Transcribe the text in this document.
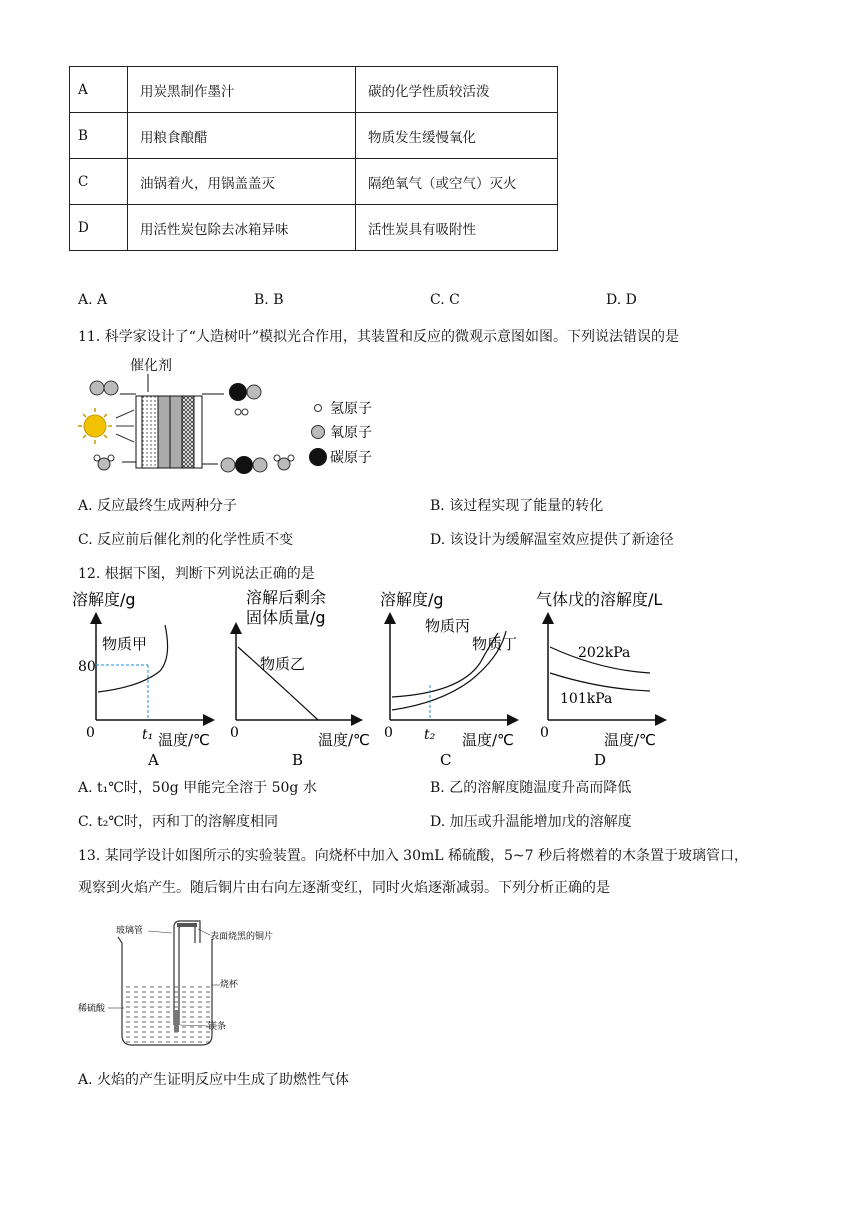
A	用炭黑制作墨汁	碳的化学性质较活泼
B	用粮食酿醋	物质发生缓慢氧化
C	油锅着火，用锅盖盖灭	隔绝氧气（或空气）灭火
D	用活性炭包除去冰箱异味	活性炭具有吸附性
A. A	B. B	C. C	D. D
11. 科学家设计了“人造树叶”模拟光合作用，其装置和反应的微观示意图如图。下列说法错误的是
催化剂
氢原子
氧原子
碳原子
A. 反应最终生成两种分子	B. 该过程实现了能量的转化
C. 反应前后催化剂的化学性质不变	D. 该设计为缓解温室效应提供了新途径
12. 根据下图，判断下列说法正确的是
溶解度/g
物质甲
80
0	t₁ 温度/℃
A
溶解后剩余
固体质量/g
物质乙
0	温度/℃
B
溶解度/g
物质丙
物质丁
0 t₂ 温度/℃
C
气体戊的溶解度/L
202kPa
101kPa
0	温度/℃
D
A. t₁℃时，50g 甲能完全溶于 50g 水	B. 乙的溶解度随温度升高而降低
C. t₂℃时，丙和丁的溶解度相同	D. 加压或升温能增加戊的溶解度
13. 某同学设计如图所示的实验装置。向烧杯中加入 30mL 稀硫酸，5~7 秒后将燃着的木条置于玻璃管口，
观察到火焰产生。随后铜片由右向左逐渐变红，同时火焰逐渐减弱。下列分析正确的是
玻璃管
表面烧黑的铜片
烧杯
稀硫酸
镁条
A. 火焰的产生证明反应中生成了助燃性气体
